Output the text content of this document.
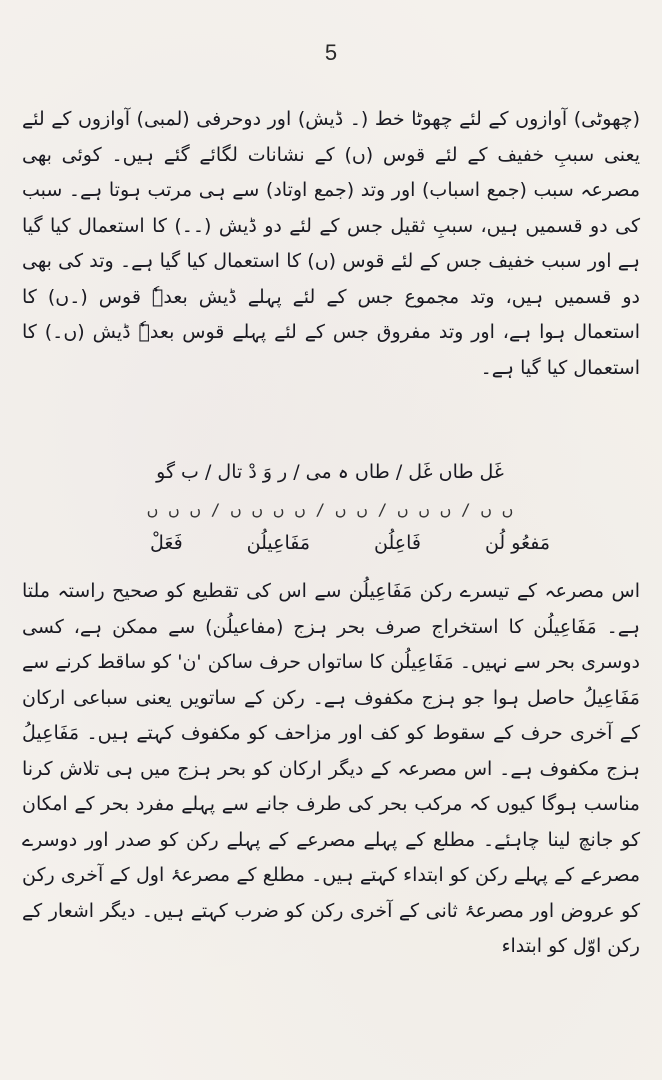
5

(چھوٹی) آوازوں کے لئے چھوٹا خط (۔ ڈیش) اور دوحرفی (لمبی) آوازوں کے لئے یعنی سببِ خفیف کے لئے قوس (ں) کے نشانات لگائے گئے ہیں۔ کوئی بھی مصرعہ سبب (جمع اسباب) اور وتد (جمع اوتاد) سے ہی مرتب ہوتا ہے۔ سبب کی دو قسمیں ہیں، سببِ ثقیل جس کے لئے دو ڈیش (۔۔) کا استعمال کیا گیا ہے اور سبب خفیف جس کے لئے قوس (ں) کا استعمال کیا گیا ہے۔ وتد کی بھی دو قسمیں ہیں، وتد مجموع جس کے لئے پہلے ڈیش بعدہٗ قوس (۔ں) کا استعمال ہوا ہے، اور وتد مفروق جس کے لئے پہلے قوس بعدہٗ ڈیش (ں۔) کا استعمال کیا گیا ہے۔

غَل طاں غَل / طاں ہ می / ر وَ دْ تال / ب گو
ں ں / ں ں ں / ں ں / ں ں ں ں / ں ں ں
مَفعُو لُن
فَاعِلُن
مَفَاعِیلُن
فَعَلْ

اس مصرعہ کے تیسرے رکن مَفَاعِیلُن سے اس کی تقطیع کو صحیح راستہ ملتا ہے۔ مَفَاعِیلُن کا استخراج صرف بحر ہزج (مفاعیلُن) سے ممکن ہے، کسی دوسری بحر سے نہیں۔ مَفَاعِیلُن کا ساتواں حرف ساکن 'ن' کو ساقط کرنے سے مَفَاعِیلُ حاصل ہوا جو ہزج مکفوف ہے۔ رکن کے ساتویں یعنی سباعی ارکان کے آخری حرف کے سقوط کو کف اور مزاحف کو مکفوف کہتے ہیں۔ مَفَاعِیلُ ہزج مکفوف ہے۔ اس مصرعہ کے دیگر ارکان کو بحر ہزج میں ہی تلاش کرنا مناسب ہوگا کیوں کہ مرکب بحر کی طرف جانے سے پہلے مفرد بحر کے امکان کو جانچ لینا چاہئے۔ مطلع کے پہلے مصرعے کے پہلے رکن کو صدر اور دوسرے مصرعے کے پہلے رکن کو ابتداء کہتے ہیں۔ مطلع کے مصرعۂ اول کے آخری رکن کو عروض اور مصرعۂ ثانی کے آخری رکن کو ضرب کہتے ہیں۔ دیگر اشعار کے رکن اوّل کو ابتداء
